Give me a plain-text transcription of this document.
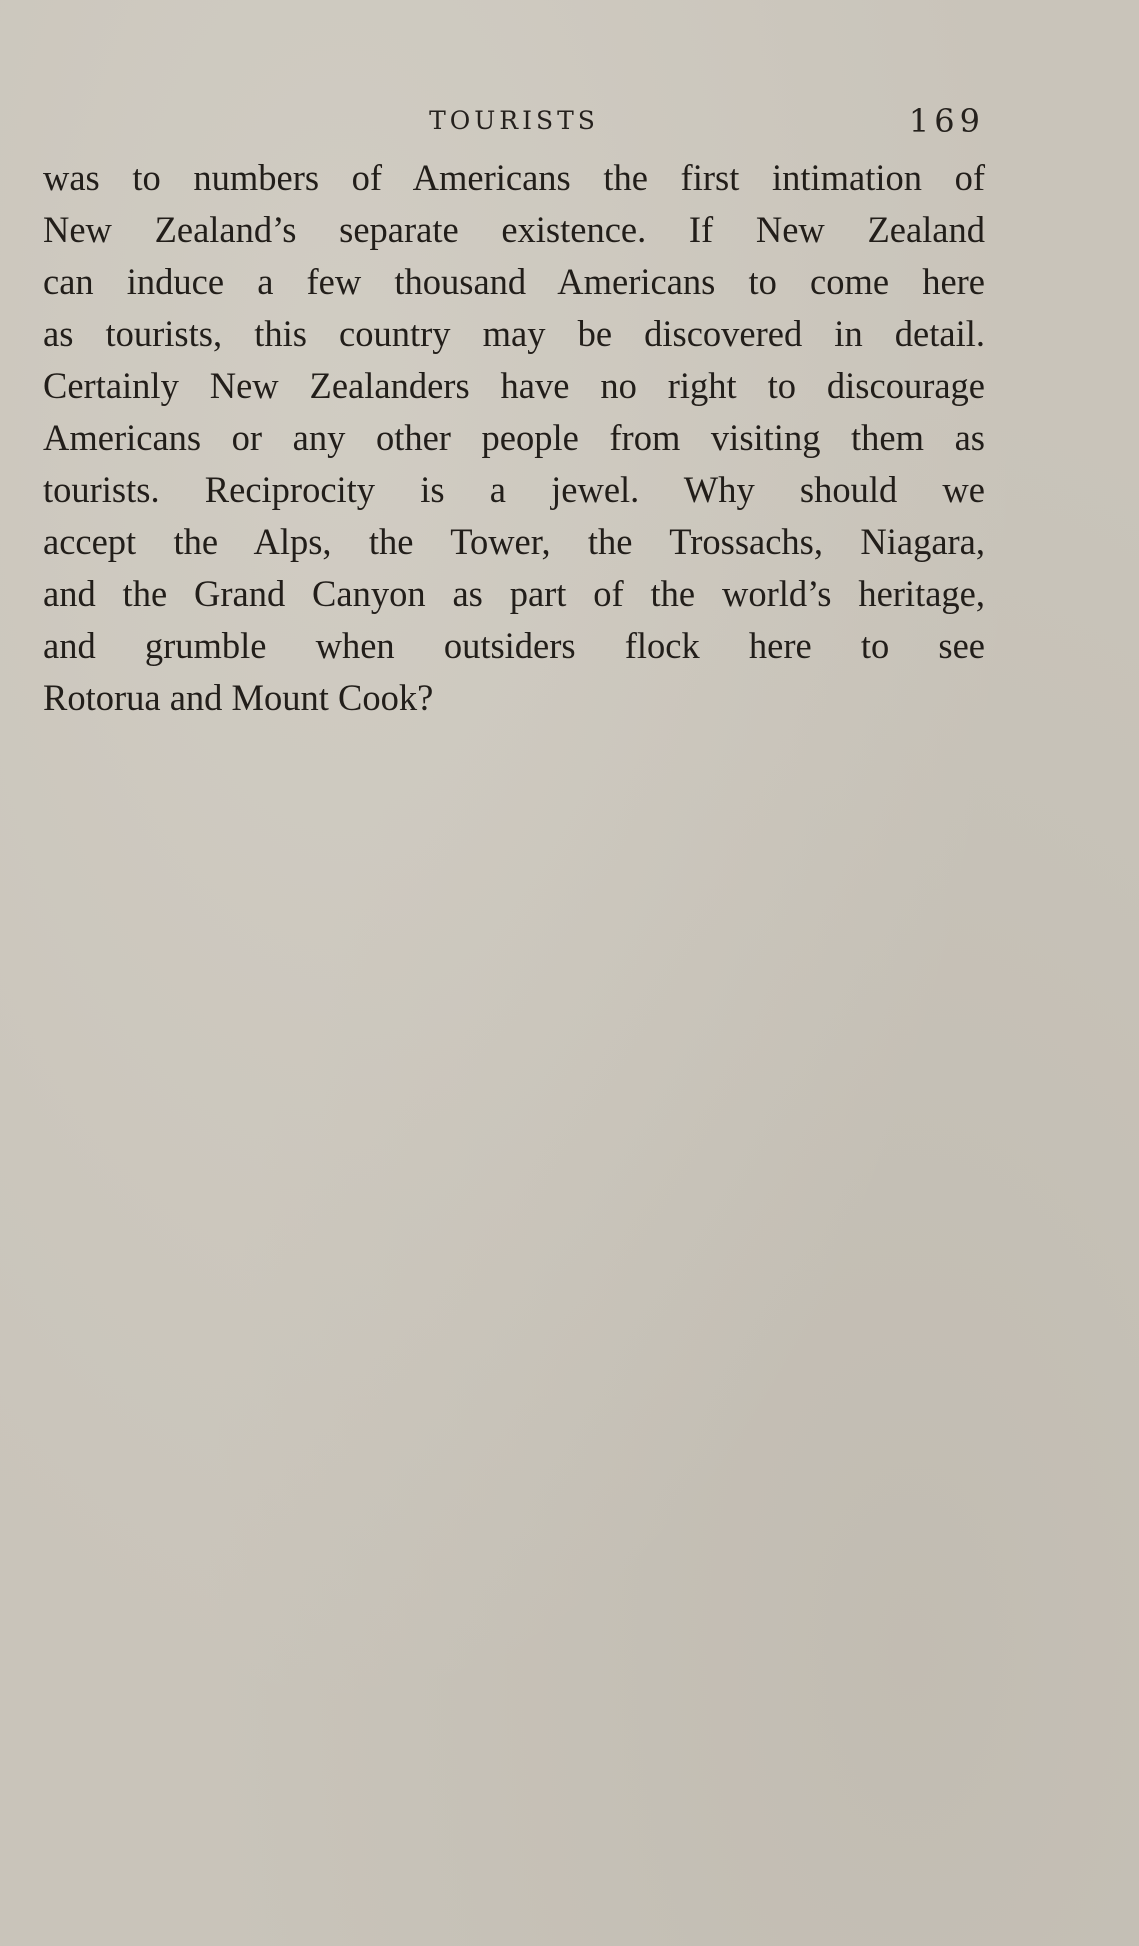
TOURISTS	169
was to numbers of Americans the first intimation of
New Zealand’s separate existence. If New Zealand
can induce a few thousand Americans to come here
as tourists, this country may be discovered in detail.
Certainly New Zealanders have no right to discourage
Americans or any other people from visiting them as
tourists. Reciprocity is a jewel. Why should we
accept the Alps, the Tower, the Trossachs, Niagara,
and the Grand Canyon as part of the world’s heritage,
and grumble when outsiders flock here to see
Rotorua and Mount Cook?
